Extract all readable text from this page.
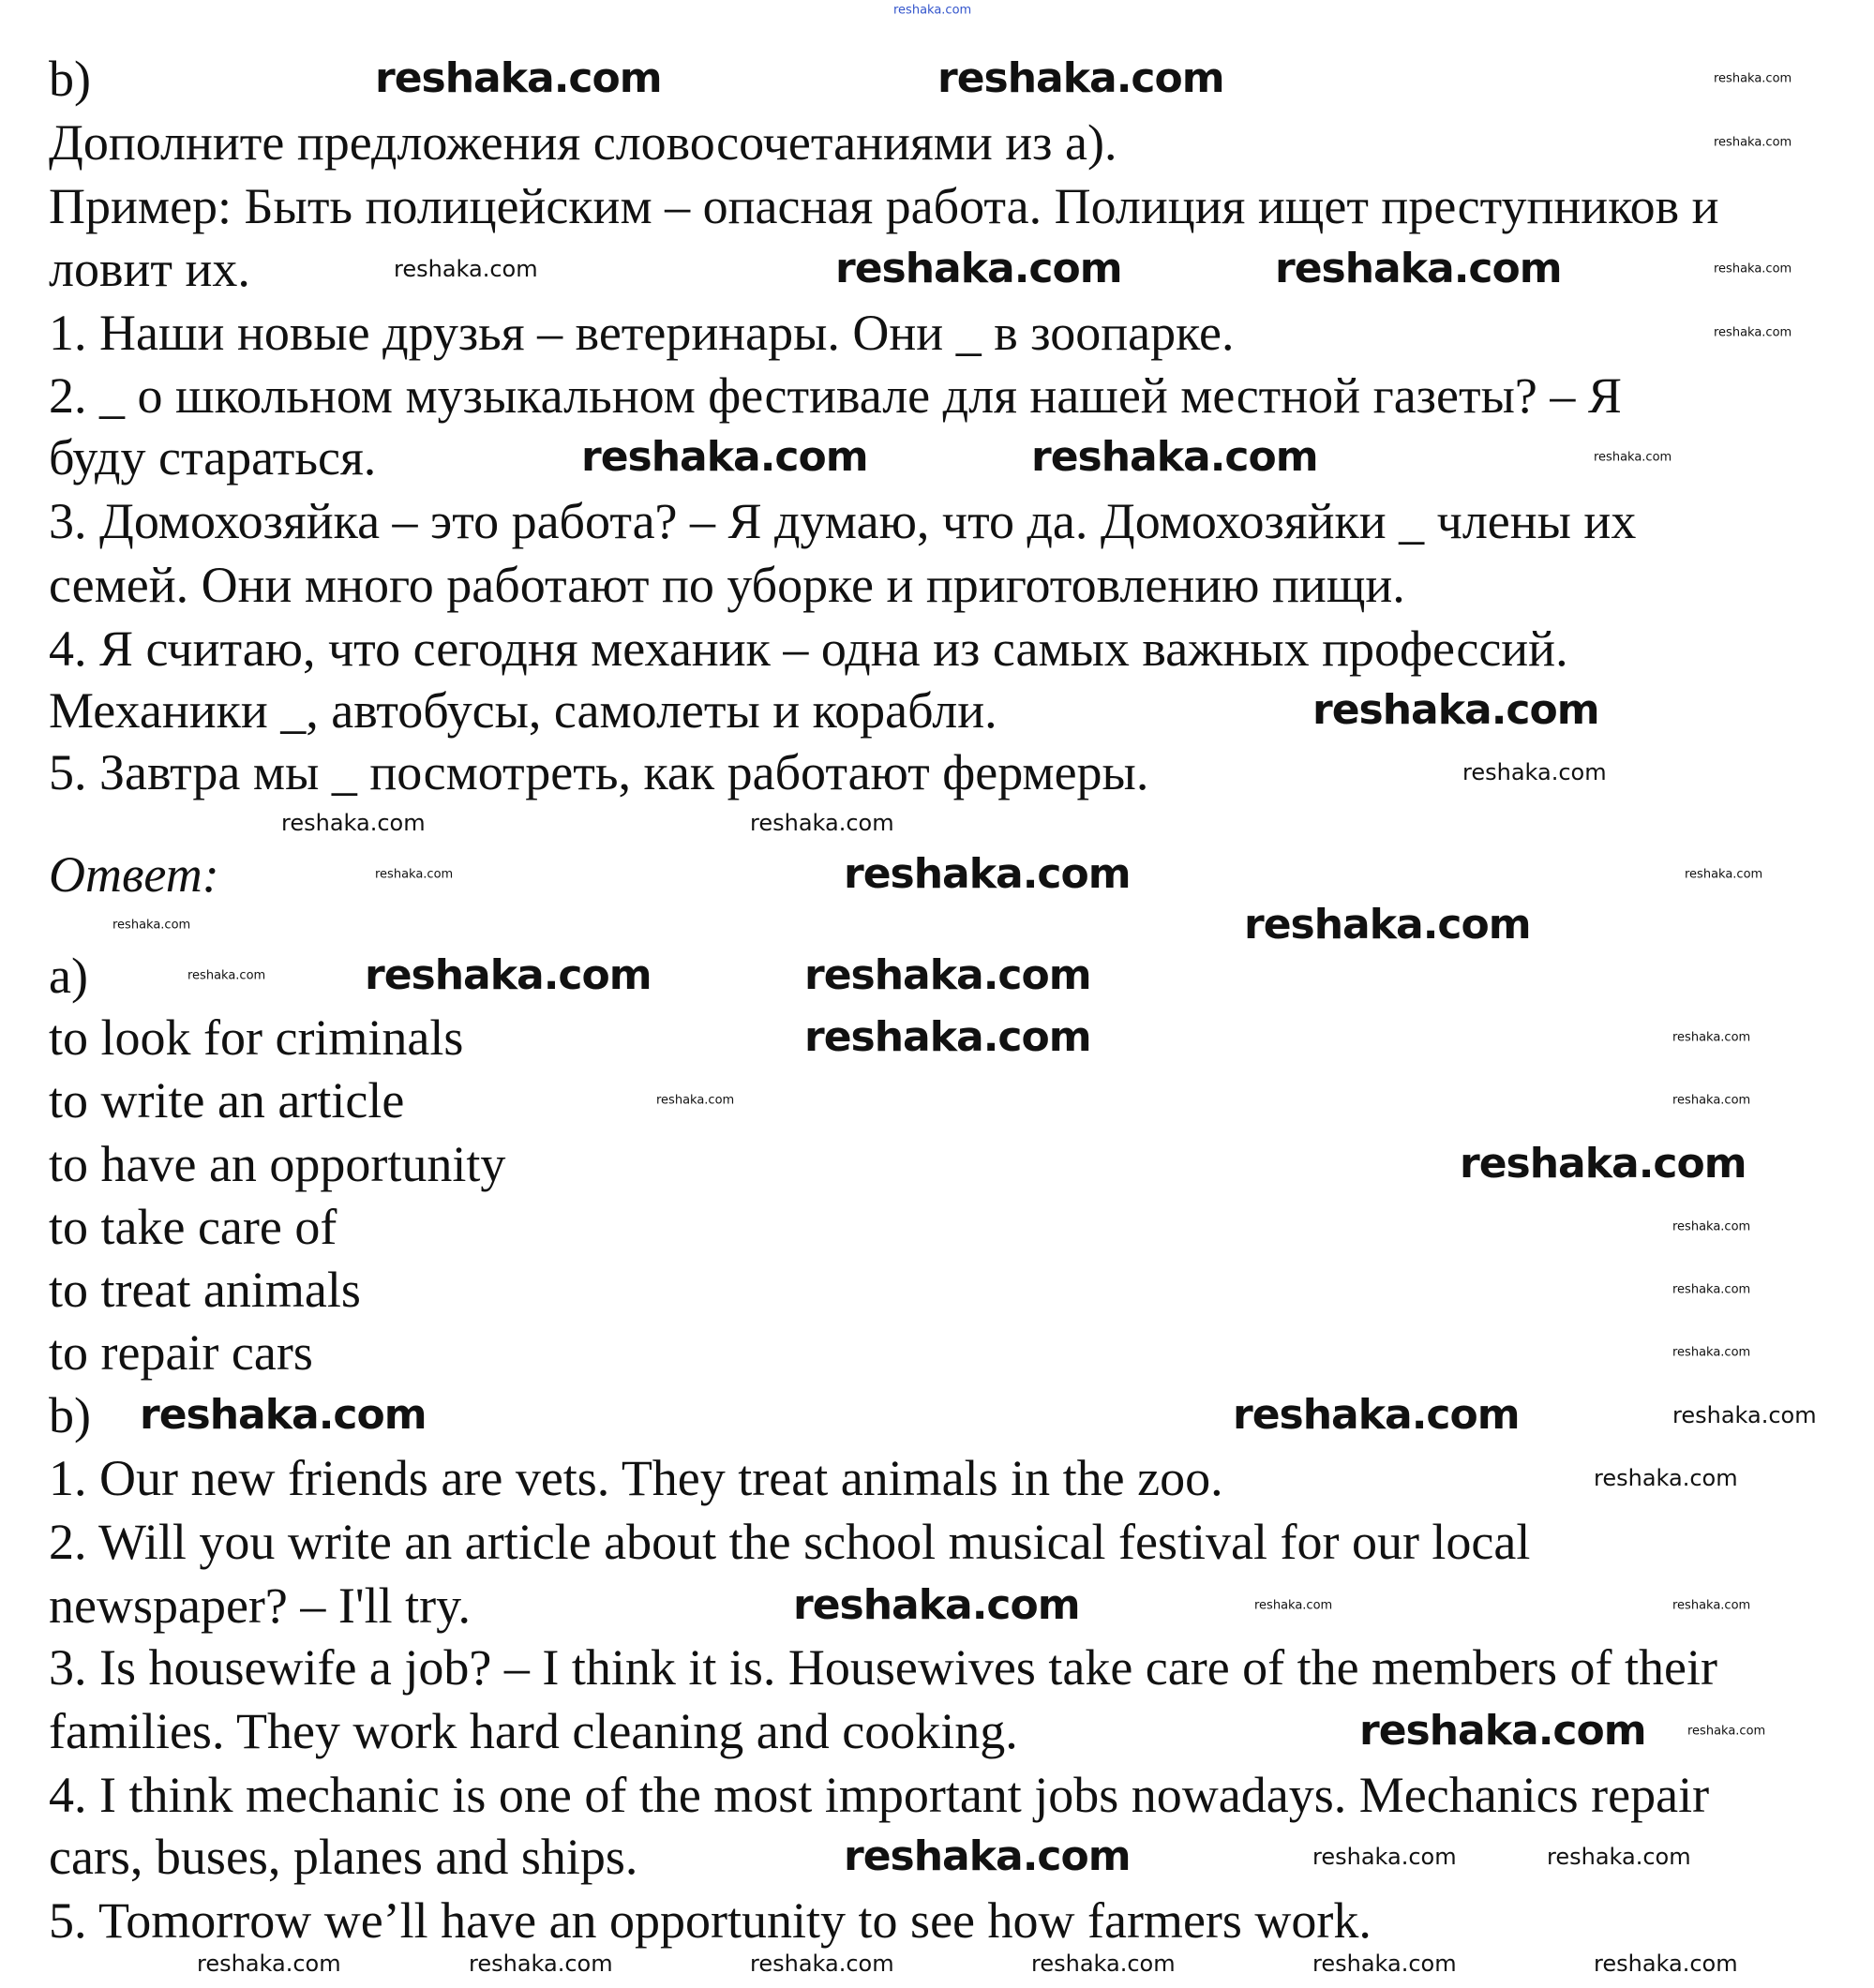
b)
Дополните предложения словосочетаниями из a).
Пример: Быть полицейским – опасная работа. Полиция ищет преступников и
ловит их.
1. Наши новые друзья – ветеринары. Они _ в зоопарке.
2. _ о школьном музыкальном фестивале для нашей местной газеты? – Я
буду стараться.
3. Домохозяйка – это работа? – Я думаю, что да. Домохозяйки _ члены их
семей. Они много работают по уборке и приготовлению пищи.
4. Я считаю, что сегодня механик – одна из самых важных профессий.
Механики _, автобусы, самолеты и корабли.
5. Завтра мы _ посмотреть, как работают фермеры.
Ответ:
a)
to look for criminals
to write an article
to have an opportunity
to take care of
to treat animals
to repair cars
b)
1. Our new friends are vets. They treat animals in the zoo.
2. Will you write an article about the school musical festival for our local
newspaper? – I'll try.
3. Is housewife a job? – I think it is. Housewives take care of the members of their
families. They work hard cleaning and cooking.
4. I think mechanic is one of the most important jobs nowadays. Mechanics repair
cars, buses, planes and ships.
5. Tomorrow we’ll have an opportunity to see how farmers work.
reshaka.com
reshaka.com	reshaka.com
reshaka.com	reshaka.com
reshaka.com	reshaka.com
reshaka.com
reshaka.com
reshaka.com
reshaka.com	reshaka.com
reshaka.com
reshaka.com
reshaka.com	reshaka.com
reshaka.com
reshaka.com
reshaka.com
reshaka.com
reshaka.com
reshaka.com	reshaka.com
reshaka.com
reshaka.com
reshaka.com	reshaka.com
reshaka.com	reshaka.com	reshaka.com	reshaka.com	reshaka.com	reshaka.com
reshaka.com
reshaka.com
reshaka.com
reshaka.com
reshaka.com
reshaka.com	reshaka.com
reshaka.com
reshaka.com
reshaka.com
reshaka.com	reshaka.com
reshaka.com
reshaka.com
reshaka.com
reshaka.com	reshaka.com
reshaka.com
